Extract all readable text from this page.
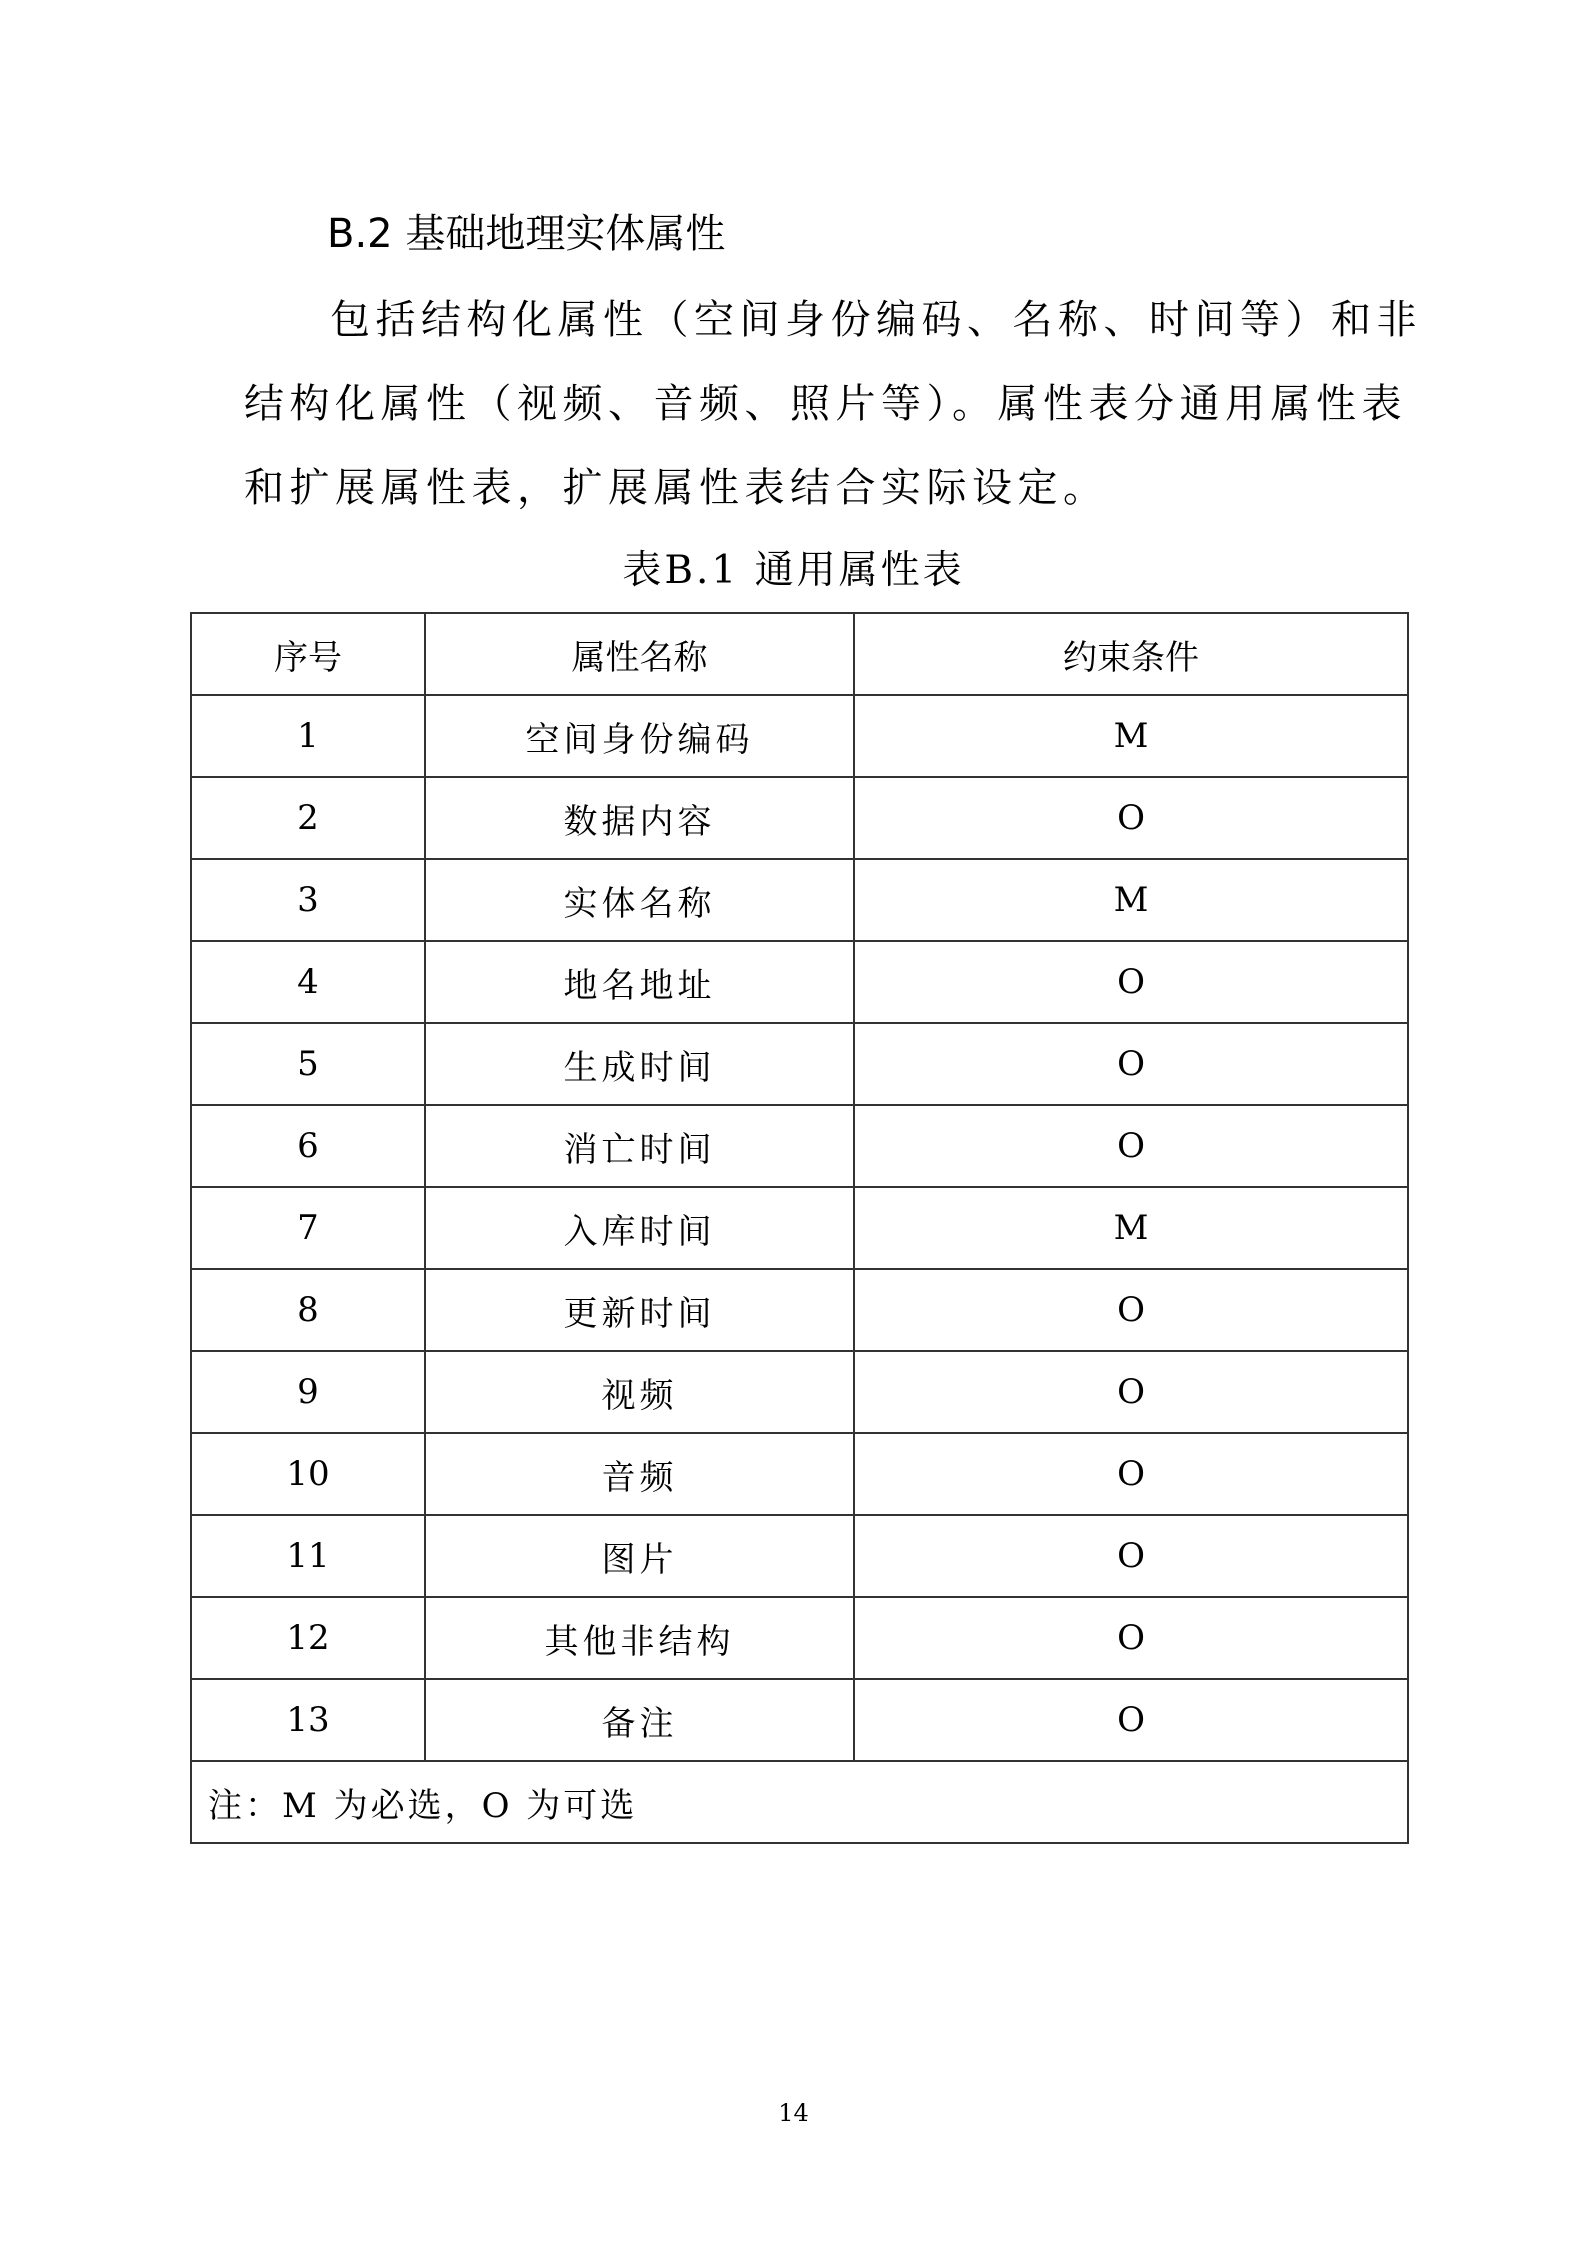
B.2 基础地理实体属性

包括结构化属性（空间身份编码、名称、时间等）和非

结构化属性（视频、音频、照片等）。属性表分通用属性表

和扩展属性表，扩展属性表结合实际设定。

表B.1 通用属性表

序号	属性名称	约束条件
1	空间身份编码	M
2	数据内容	O
3	实体名称	M
4	地名地址	O
5	生成时间	O
6	消亡时间	O
7	入库时间	M
8	更新时间	O
9	视频	O
10	音频	O
11	图片	O
12	其他非结构	O
13	备注	O
注：M 为必选，O 为可选		
14
